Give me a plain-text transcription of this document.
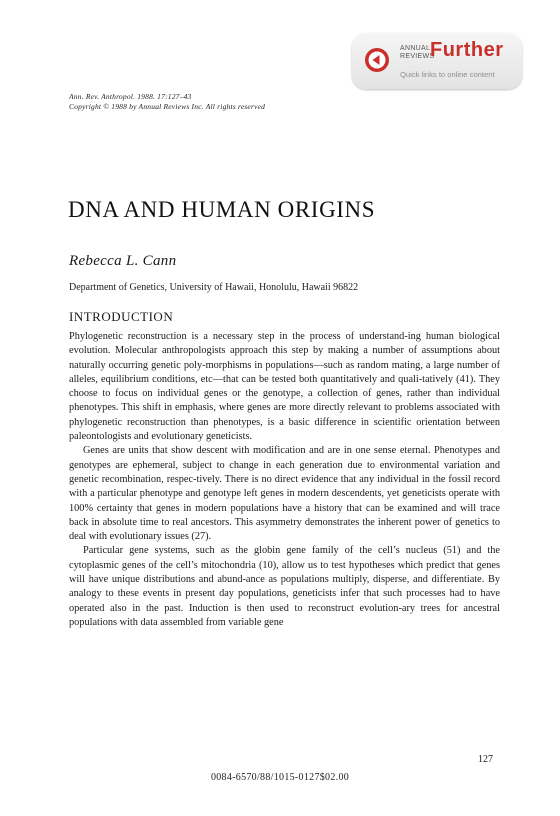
ANNUAL
REVIEWS
Further
Quick links to online content
Ann. Rev. Anthropol. 1988. 17:127–43
Copyright © 1988 by Annual Reviews Inc. All rights reserved
DNA AND HUMAN ORIGINS
Rebecca L. Cann
Department of Genetics, University of Hawaii, Honolulu, Hawaii 96822
INTRODUCTION

Phylogenetic reconstruction is a necessary step in the process of understand-ing human biological evolution. Molecular anthropologists approach this step by making a number of assumptions about naturally occurring genetic poly-morphisms in populations—such as random mating, a large number of alleles, equilibrium conditions, etc—that can be tested both quantitatively and quali-tatively (41). They choose to focus on individual genes or the genotype, a collection of genes, rather than individual phenotypes. This shift in emphasis, where genes are more directly relevant to problems associated with phylogenetic reconstruction than phenotypes, is a basic difference in scientific orientation between paleontologists and evolutionary geneticists.

Genes are units that show descent with modification and are in one sense eternal. Phenotypes and genotypes are ephemeral, subject to change in each generation due to environmental variation and genetic recombination, respec-tively. There is no direct evidence that any individual in the fossil record with a particular phenotype and genotype left genes in modern descendents, yet geneticists operate with 100% certainty that genes in modern populations have a history that can be examined and will trace back in absolute time to real ancestors. This asymmetry demonstrates the inherent power of genetics to deal with evolutionary issues (27).

Particular gene systems, such as the globin gene family of the cell’s nucleus (51) and the cytoplasmic genes of the cell’s mitochondria (10), allow us to test hypotheses which predict that genes will have unique distributions and abund-ance as populations multiply, disperse, and differentiate. By analogy to these events in present day populations, geneticists infer that such processes had to have operated also in the past. Induction is then used to reconstruct evolution-ary trees for ancestral populations with data assembled from variable gene

127
0084-6570/88/1015-0127$02.00
